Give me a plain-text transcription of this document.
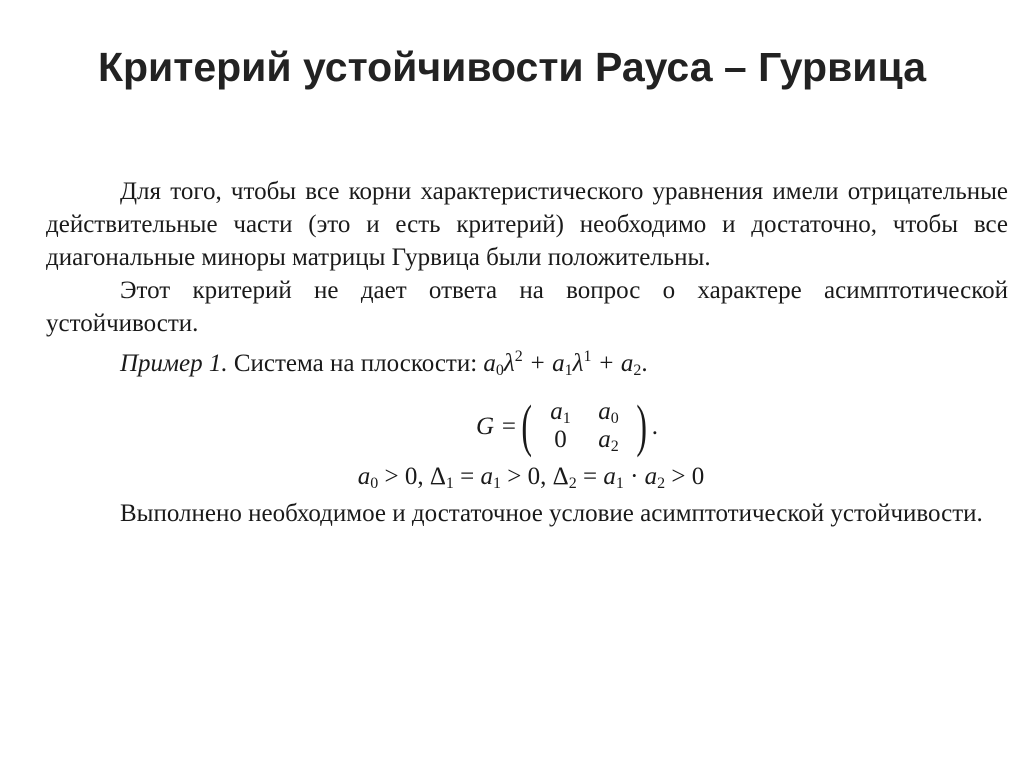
Критерий устойчивости Рауса – Гурвица

Для того, чтобы все корни характеристического уравнения имели отрицательные действительные части (это и есть критерий) необходимо и достаточно, чтобы все диагональные миноры матрицы Гурвица были положительны.

Этот критерий не дает ответа на вопрос о характере асимптотической устойчивости.

Пример 1. Система на плоскости: $a_0\lambda^2 + a_1\lambda^1 + a_2$.

G = ( $a_1$	$a_0$
0	$a_2$ ) .
$a_0 > 0$, $\Delta_1 = a_1 > 0$, $\Delta_2 = a_1 \cdot a_2 > 0$

Выполнено необходимое и достаточное условие асимптотической устойчивости.
